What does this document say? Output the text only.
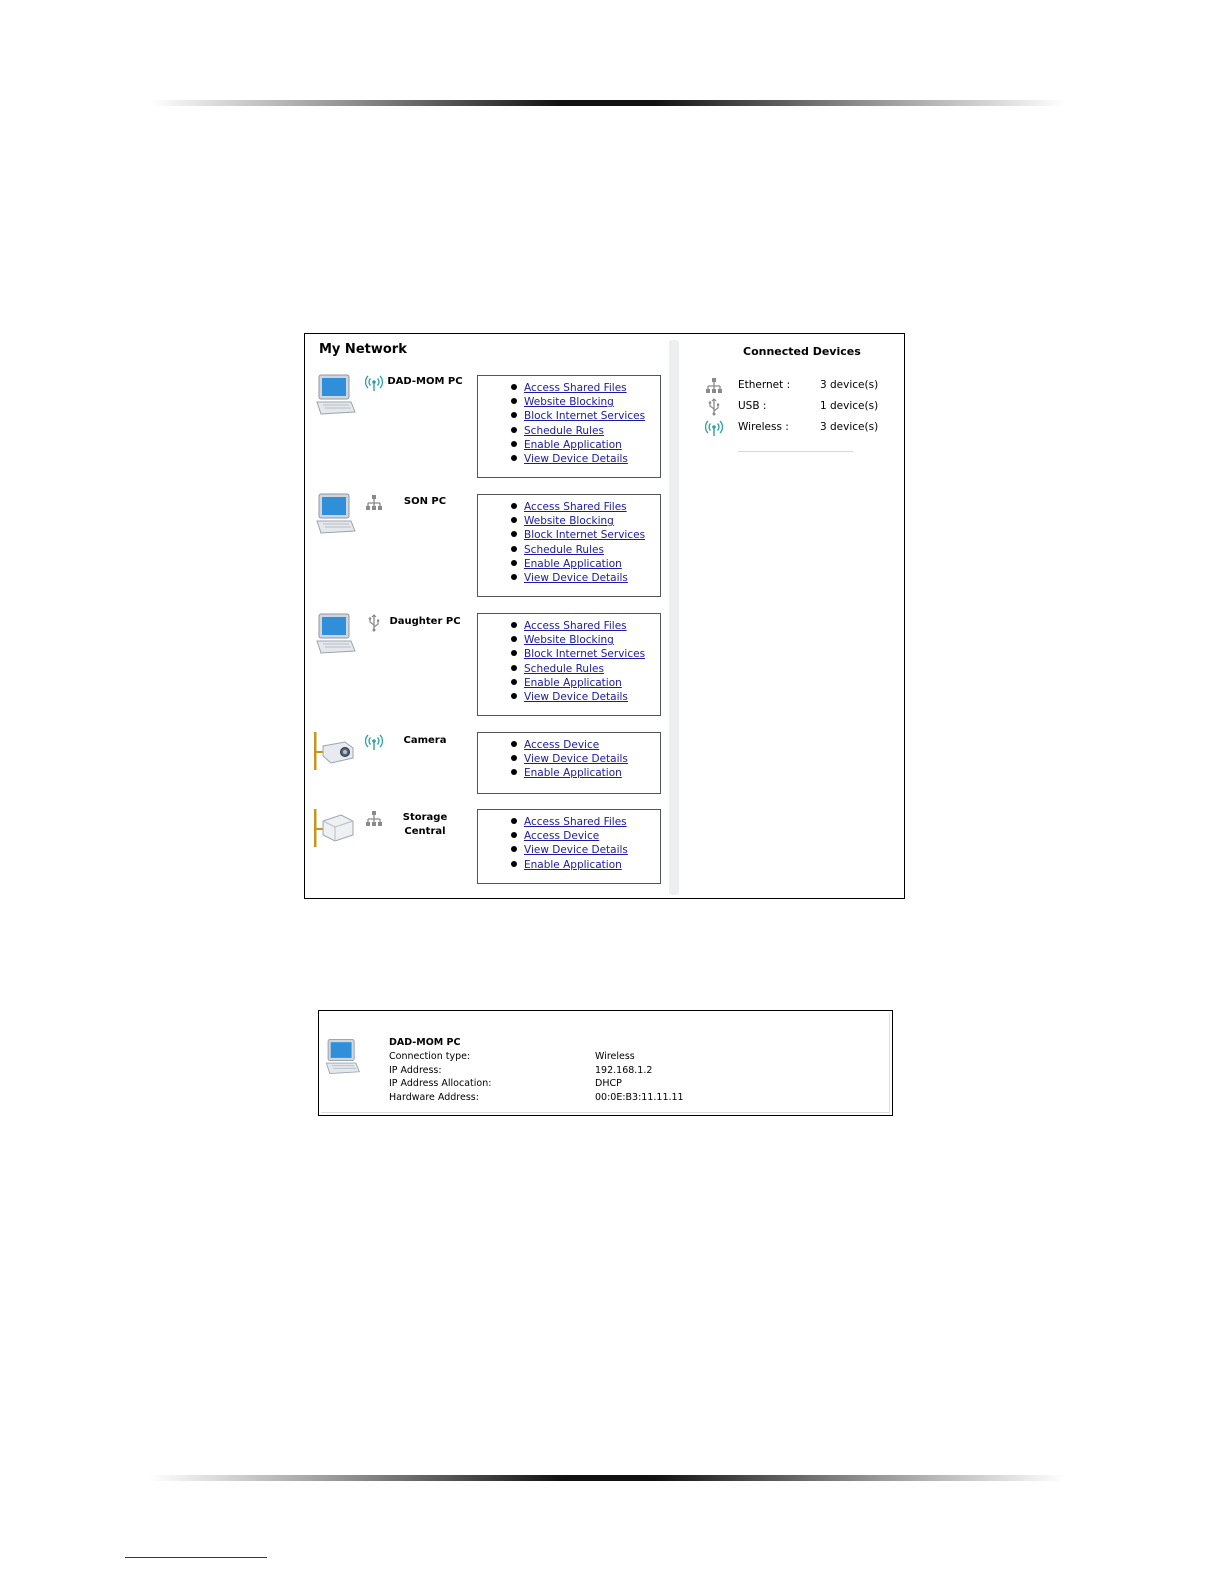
My Network	Connected Devices
DAD-MOM PC
Access Shared Files
Website Blocking
Block Internet Services
Schedule Rules
Enable Application
View Device Details
SON PC	Access Shared Files
Website Blocking
Block Internet Services
Schedule Rules
Enable Application
View Device Details
Daughter PC	Access Shared Files
Website Blocking
Block Internet Services
Schedule Rules
Enable Application
View Device Details
Camera	Access Device
View Device Details
Enable Application
Storage
Central
Access Shared Files
Access Device
View Device Details
Enable Application
Ethernet :	3 device(s)
USB :	1 device(s)
Wireless :	3 device(s)
DAD-MOM PC
Connection type:	Wireless
IP Address:	192.168.1.2
IP Address Allocation:	DHCP
Hardware Address:	00:0E:B3:11.11.11
